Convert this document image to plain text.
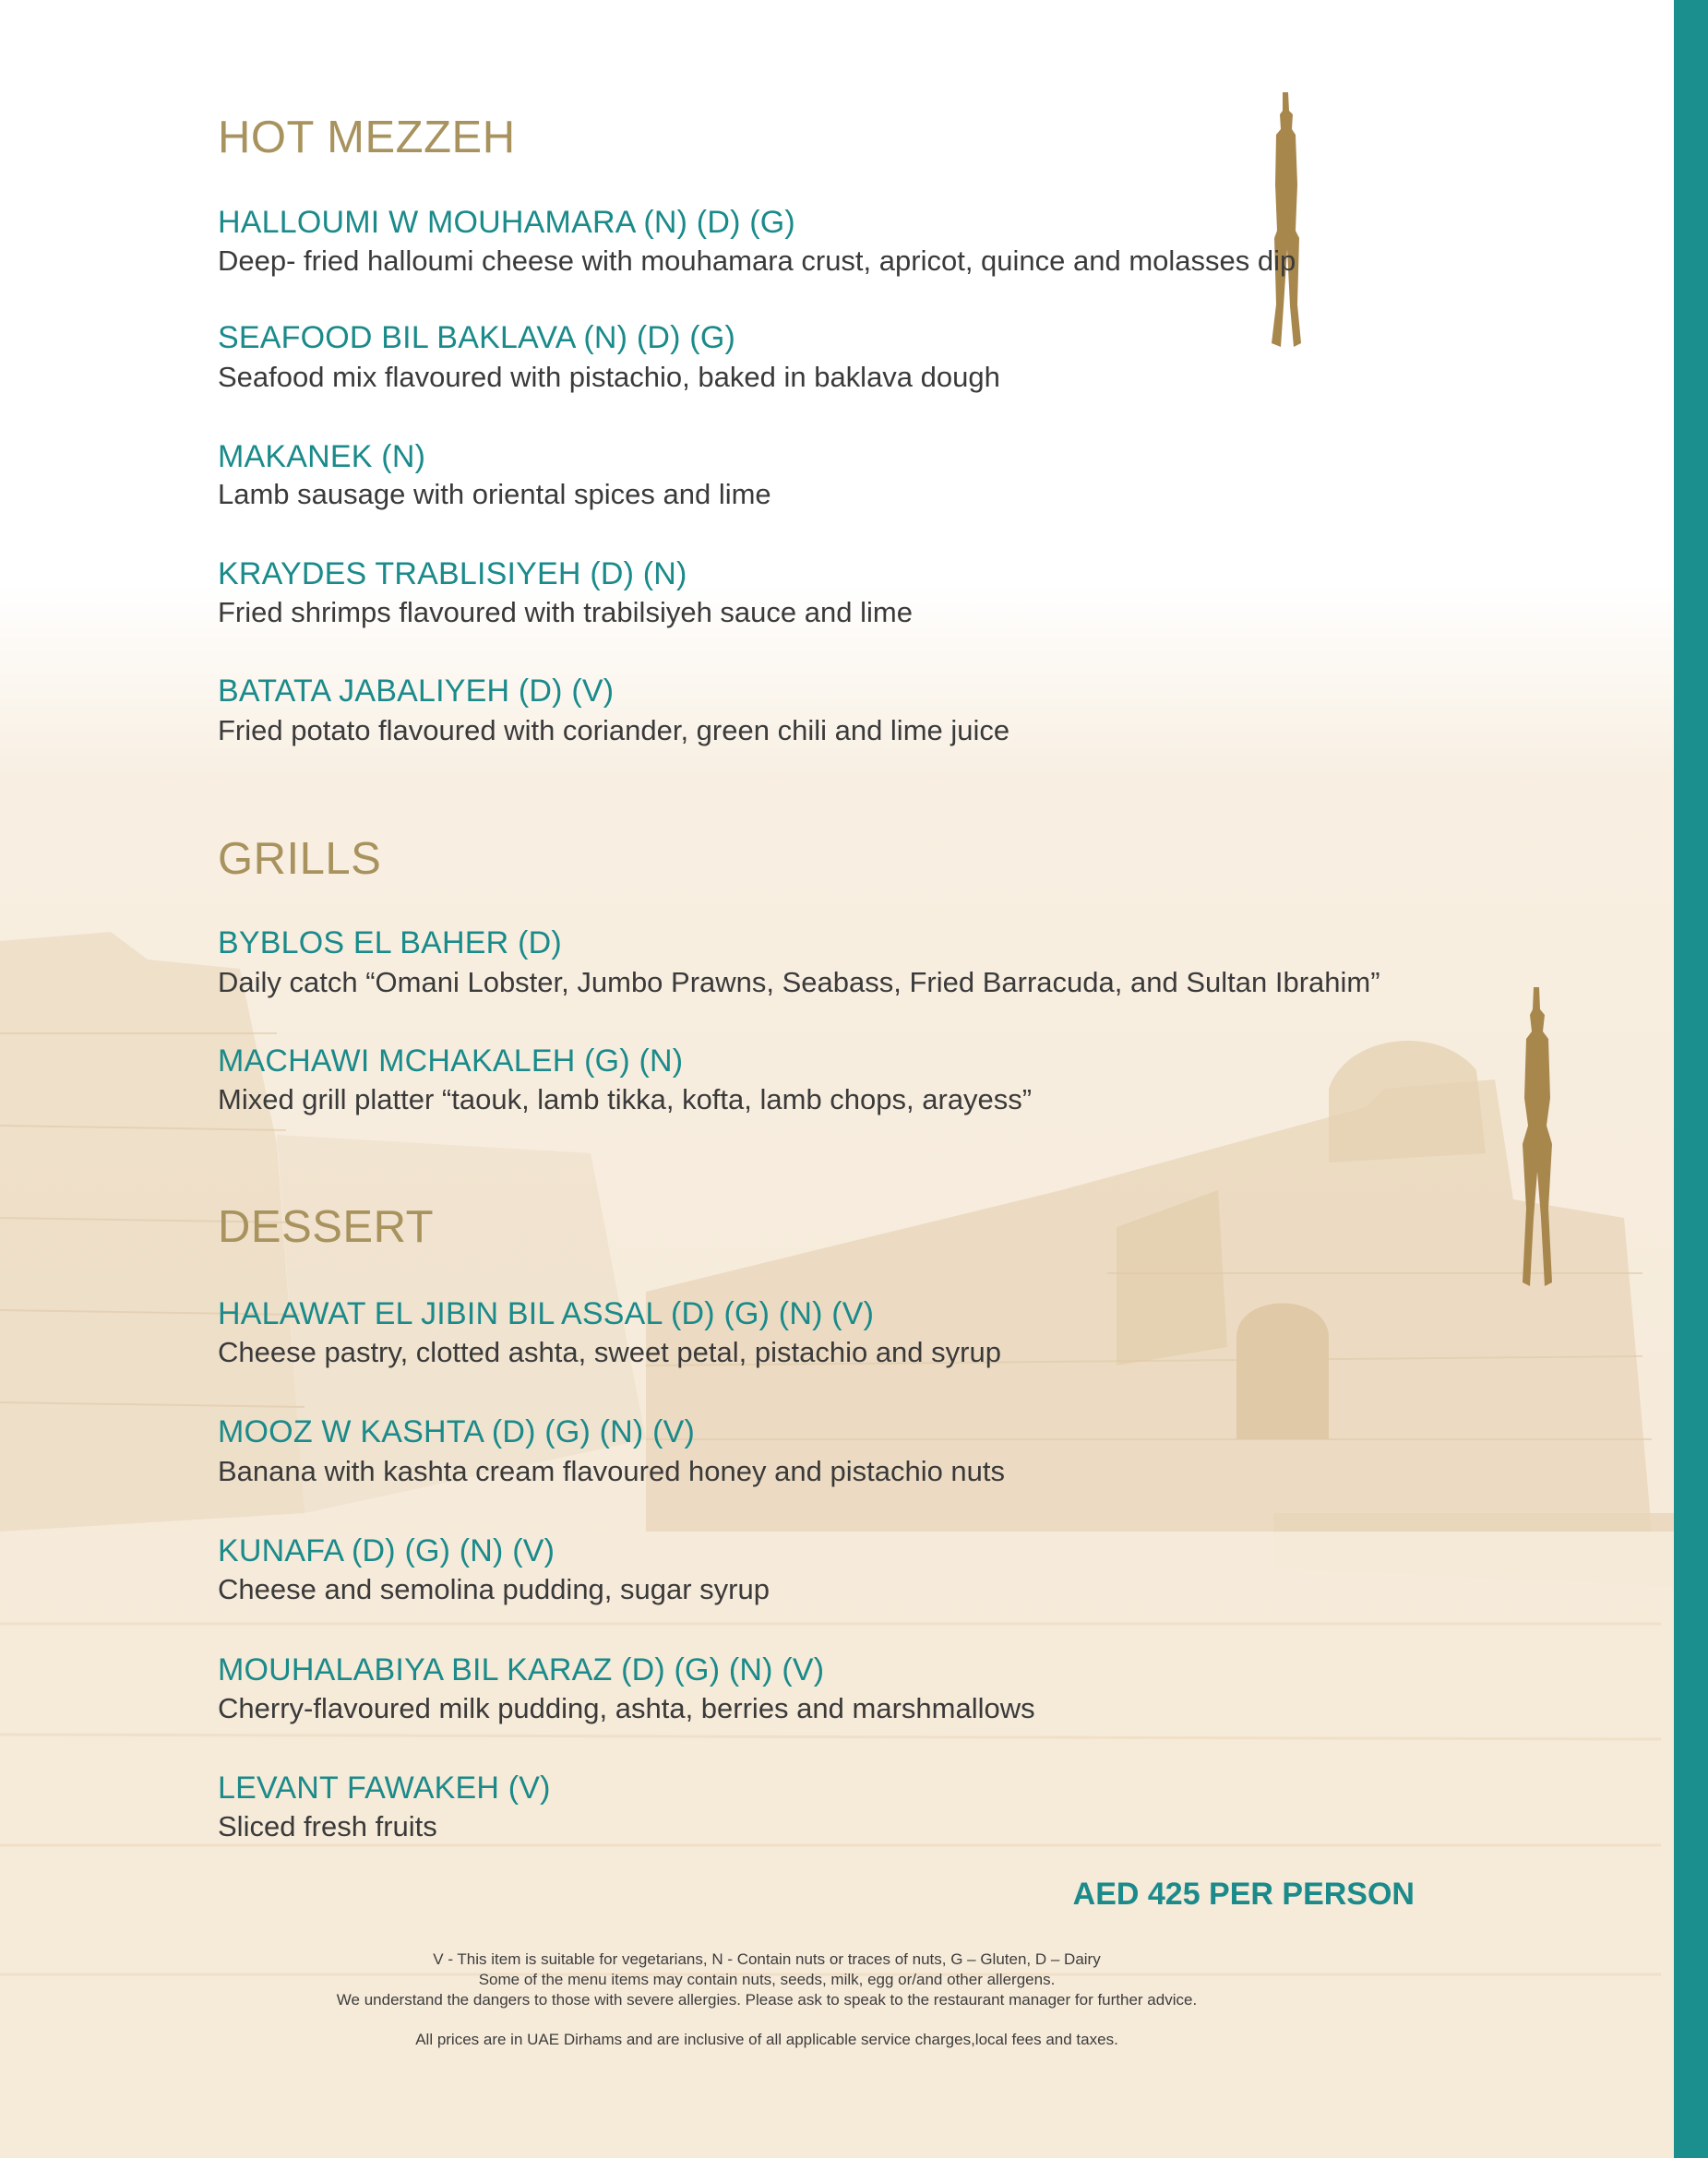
HOT MEZZEH

HALLOUMI W MOUHAMARA (N) (D) (G)

Deep- fried halloumi cheese with mouhamara crust, apricot, quince and molasses dip

SEAFOOD BIL BAKLAVA (N) (D) (G)

Seafood mix flavoured with pistachio, baked in baklava dough

MAKANEK (N)

Lamb sausage with oriental spices and lime

KRAYDES TRABLISIYEH (D) (N)

Fried shrimps flavoured with trabilsiyeh sauce and lime

BATATA JABALIYEH (D) (V)

Fried potato flavoured with coriander, green chili and lime juice

GRILLS

BYBLOS EL BAHER (D)

Daily catch “Omani Lobster, Jumbo Prawns, Seabass, Fried Barracuda, and Sultan Ibrahim”

MACHAWI MCHAKALEH (G) (N)

Mixed grill platter “taouk, lamb tikka, kofta, lamb chops, arayess”

DESSERT

HALAWAT EL JIBIN BIL ASSAL (D) (G) (N) (V)

Cheese pastry, clotted ashta, sweet petal, pistachio and syrup

MOOZ W KASHTA (D) (G) (N) (V)

Banana with kashta cream flavoured honey and pistachio nuts

KUNAFA (D) (G) (N) (V)

Cheese and semolina pudding, sugar syrup

MOUHALABIYA BIL KARAZ (D) (G) (N) (V)

Cherry-flavoured milk pudding, ashta, berries and marshmallows

LEVANT FAWAKEH (V)

Sliced fresh fruits

AED 425 PER PERSON

V - This item is suitable for vegetarians, N - Contain nuts or traces of nuts, G – Gluten, D – Dairy

Some of the menu items may contain nuts, seeds, milk, egg or/and other allergens.

We understand the dangers to those with severe allergies. Please ask to speak to the restaurant manager for further advice.

All prices are in UAE Dirhams and are inclusive of all applicable service charges,local fees and taxes.
